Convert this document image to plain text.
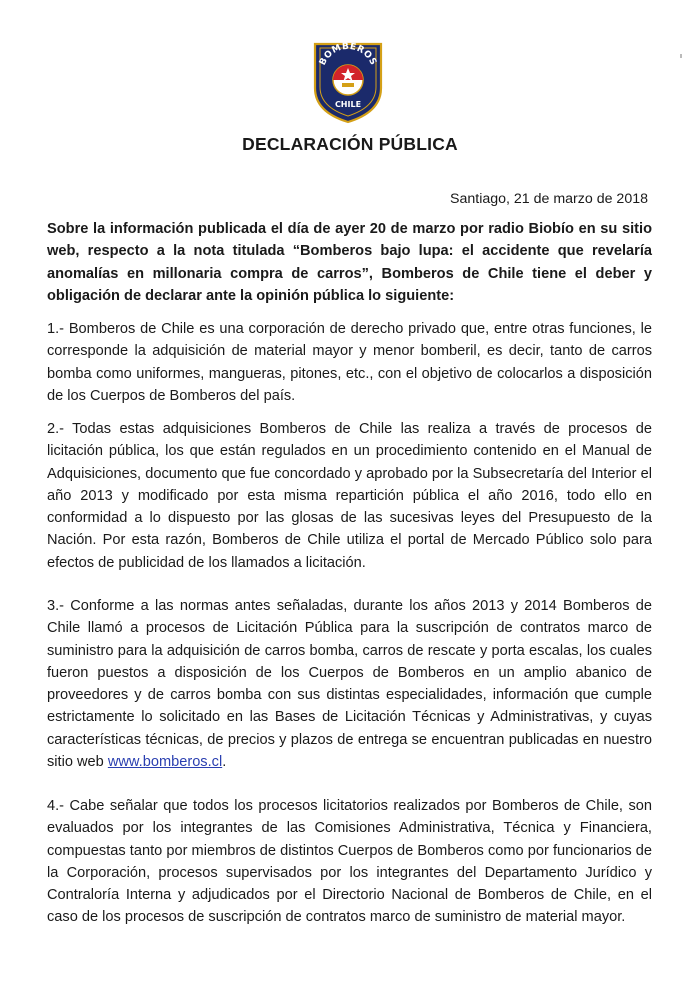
BOMBEROS
CHILE
DECLARACIÓN PÚBLICA
Santiago, 21 de marzo de 2018
Sobre la información publicada el día de ayer 20 de marzo por radio Biobío en su sitio web, respecto a la nota titulada “Bomberos bajo lupa: el accidente que revelaría anomalías en millonaria compra de carros”, Bomberos de Chile tiene el deber y obligación de declarar ante la opinión pública lo siguiente:
1.- Bomberos de Chile es una corporación de derecho privado que, entre otras funciones, le corresponde la adquisición de material mayor y menor bomberil, es decir, tanto de carros bomba como uniformes, mangueras, pitones, etc., con el objetivo de colocarlos a disposición de los Cuerpos de Bomberos del país.
2.- Todas estas adquisiciones Bomberos de Chile las realiza a través de procesos de licitación pública, los que están regulados en un procedimiento contenido en el Manual de Adquisiciones, documento que fue concordado y aprobado por la Subsecretaría del Interior el año 2013 y modificado por esta misma repartición pública el año 2016, todo ello en conformidad a lo dispuesto por las glosas de las sucesivas leyes del Presupuesto de la Nación. Por esta razón, Bomberos de Chile utiliza el portal de Mercado Público solo para efectos de publicidad de los llamados a licitación.
3.- Conforme a las normas antes señaladas, durante los años 2013 y 2014 Bomberos de Chile llamó a procesos de Licitación Pública para la suscripción de contratos marco de suministro para la adquisición de carros bomba, carros de rescate y porta escalas, los cuales fueron puestos a disposición de los Cuerpos de Bomberos en un amplio abanico de proveedores y de carros bomba con sus distintas especialidades, información que cumple estrictamente lo solicitado en las Bases de Licitación Técnicas y Administrativas, y cuyas características técnicas, de precios y plazos de entrega se encuentran publicadas en nuestro sitio web www.bomberos.cl.
4.- Cabe señalar que todos los procesos licitatorios realizados por Bomberos de Chile, son evaluados por los integrantes de las Comisiones Administrativa, Técnica y Financiera, compuestas tanto por miembros de distintos Cuerpos de Bomberos como por funcionarios de la Corporación, procesos supervisados por los integrantes del Departamento Jurídico y Contraloría Interna y adjudicados por el Directorio Nacional de Bomberos de Chile, en el caso de los procesos de suscripción de contratos marco de suministro de material mayor.
